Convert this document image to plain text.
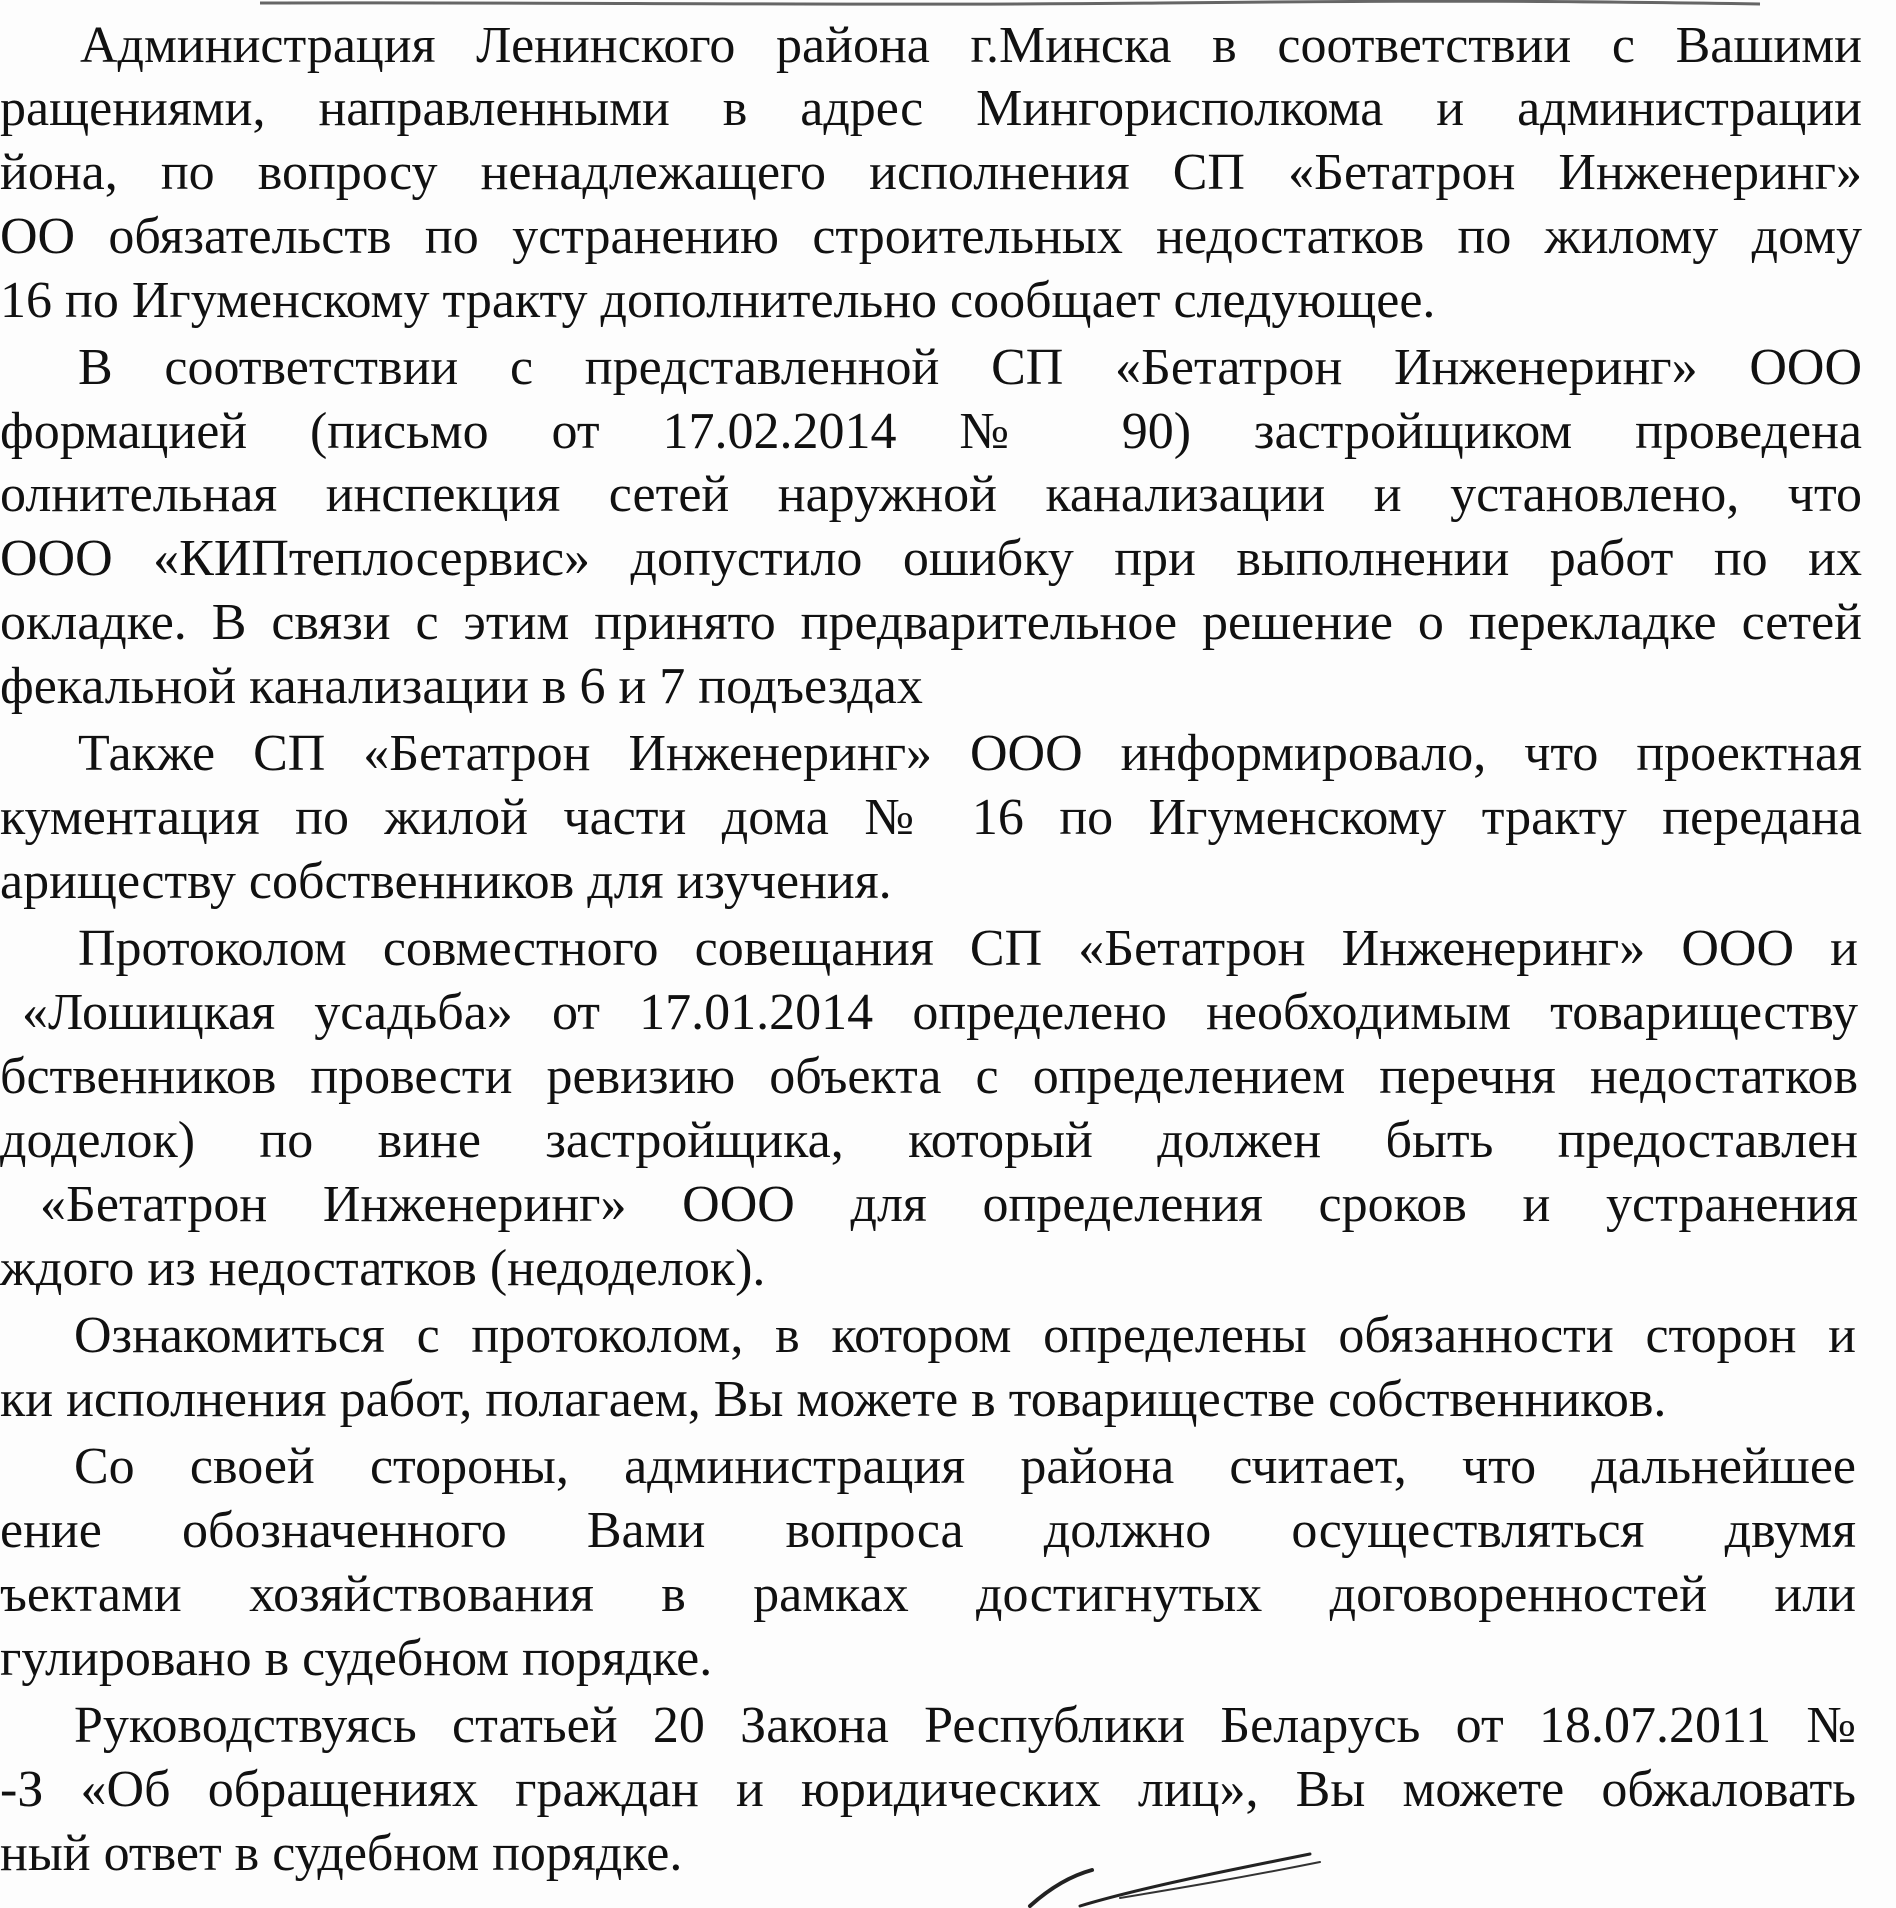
Администрация Ленинского района г.Минска в соответствии с Вашими
ращениями, направленными в адрес Мингорисполкома и администрации
йона, по вопросу ненадлежащего исполнения СП «Бетатрон Инженеринг»
ОО обязательств по устранению строительных недостатков по жилому дому
16 по Игуменскому тракту дополнительно сообщает следующее.
В соответствии с представленной СП «Бетатрон Инженеринг» ООО
формацией (письмо от 17.02.2014 № 90) застройщиком проведена
олнительная инспекция сетей наружной канализации и установлено, что
ООО «КИПтеплосервис» допустило ошибку при выполнении работ по их
окладке. В связи с этим принято предварительное решение о перекладке сетей
фекальной канализации в 6 и 7 подъездах
Также СП «Бетатрон Инженеринг» ООО информировало, что проектная
кументация по жилой части дома № 16 по Игуменскому тракту передана
ариществу собственников для изучения.
Протоколом совместного совещания СП «Бетатрон Инженеринг» ООО и
«Лошицкая усадьба» от 17.01.2014 определено необходимым товариществу
бственников провести ревизию объекта с определением перечня недостатков
доделок) по вине застройщика, который должен быть предоставлен
«Бетатрон Инженеринг» ООО для определения сроков и устранения
ждого из недостатков (недоделок).
Ознакомиться с протоколом, в котором определены обязанности сторон и
ки исполнения работ, полагаем, Вы можете в товариществе собственников.
Со своей стороны, администрация района считает, что дальнейшее
ение обозначенного Вами вопроса должно осуществляться двумя
ъектами хозяйствования в рамках достигнутых договоренностей или
гулировано в судебном порядке.
Руководствуясь статьей 20 Закона Республики Беларусь от 18.07.2011 №
-З «Об обращениях граждан и юридических лиц», Вы можете обжаловать
ный ответ в судебном порядке.
